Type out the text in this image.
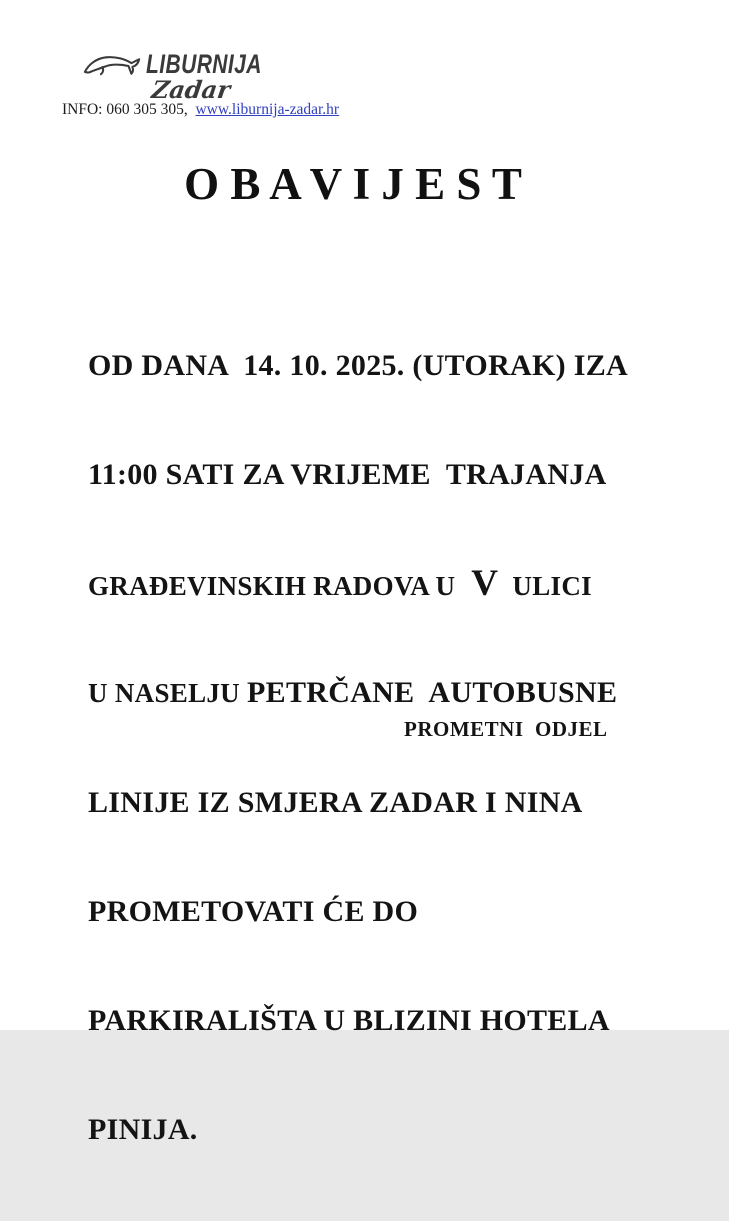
LIBURNIJA
Zadar
INFO: 060 305 305, www.liburnija-zadar.hr
O B A V I J E S T

OD DANA  14. 10. 2025. (UTORAK) IZA

11:00 SATI ZA VRIJEME  TRAJANJA

GRAĐEVINSKIH RADOVA U  V  ULICI

U NASELJU PETRČANE  AUTOBUSNE

LINIJE IZ SMJERA ZADAR I NINA

PROMETOVATI ĆE DO

PARKIRALIŠTA U BLIZINI HOTELA

PINIJA.

PROMETNI  ODJEL
